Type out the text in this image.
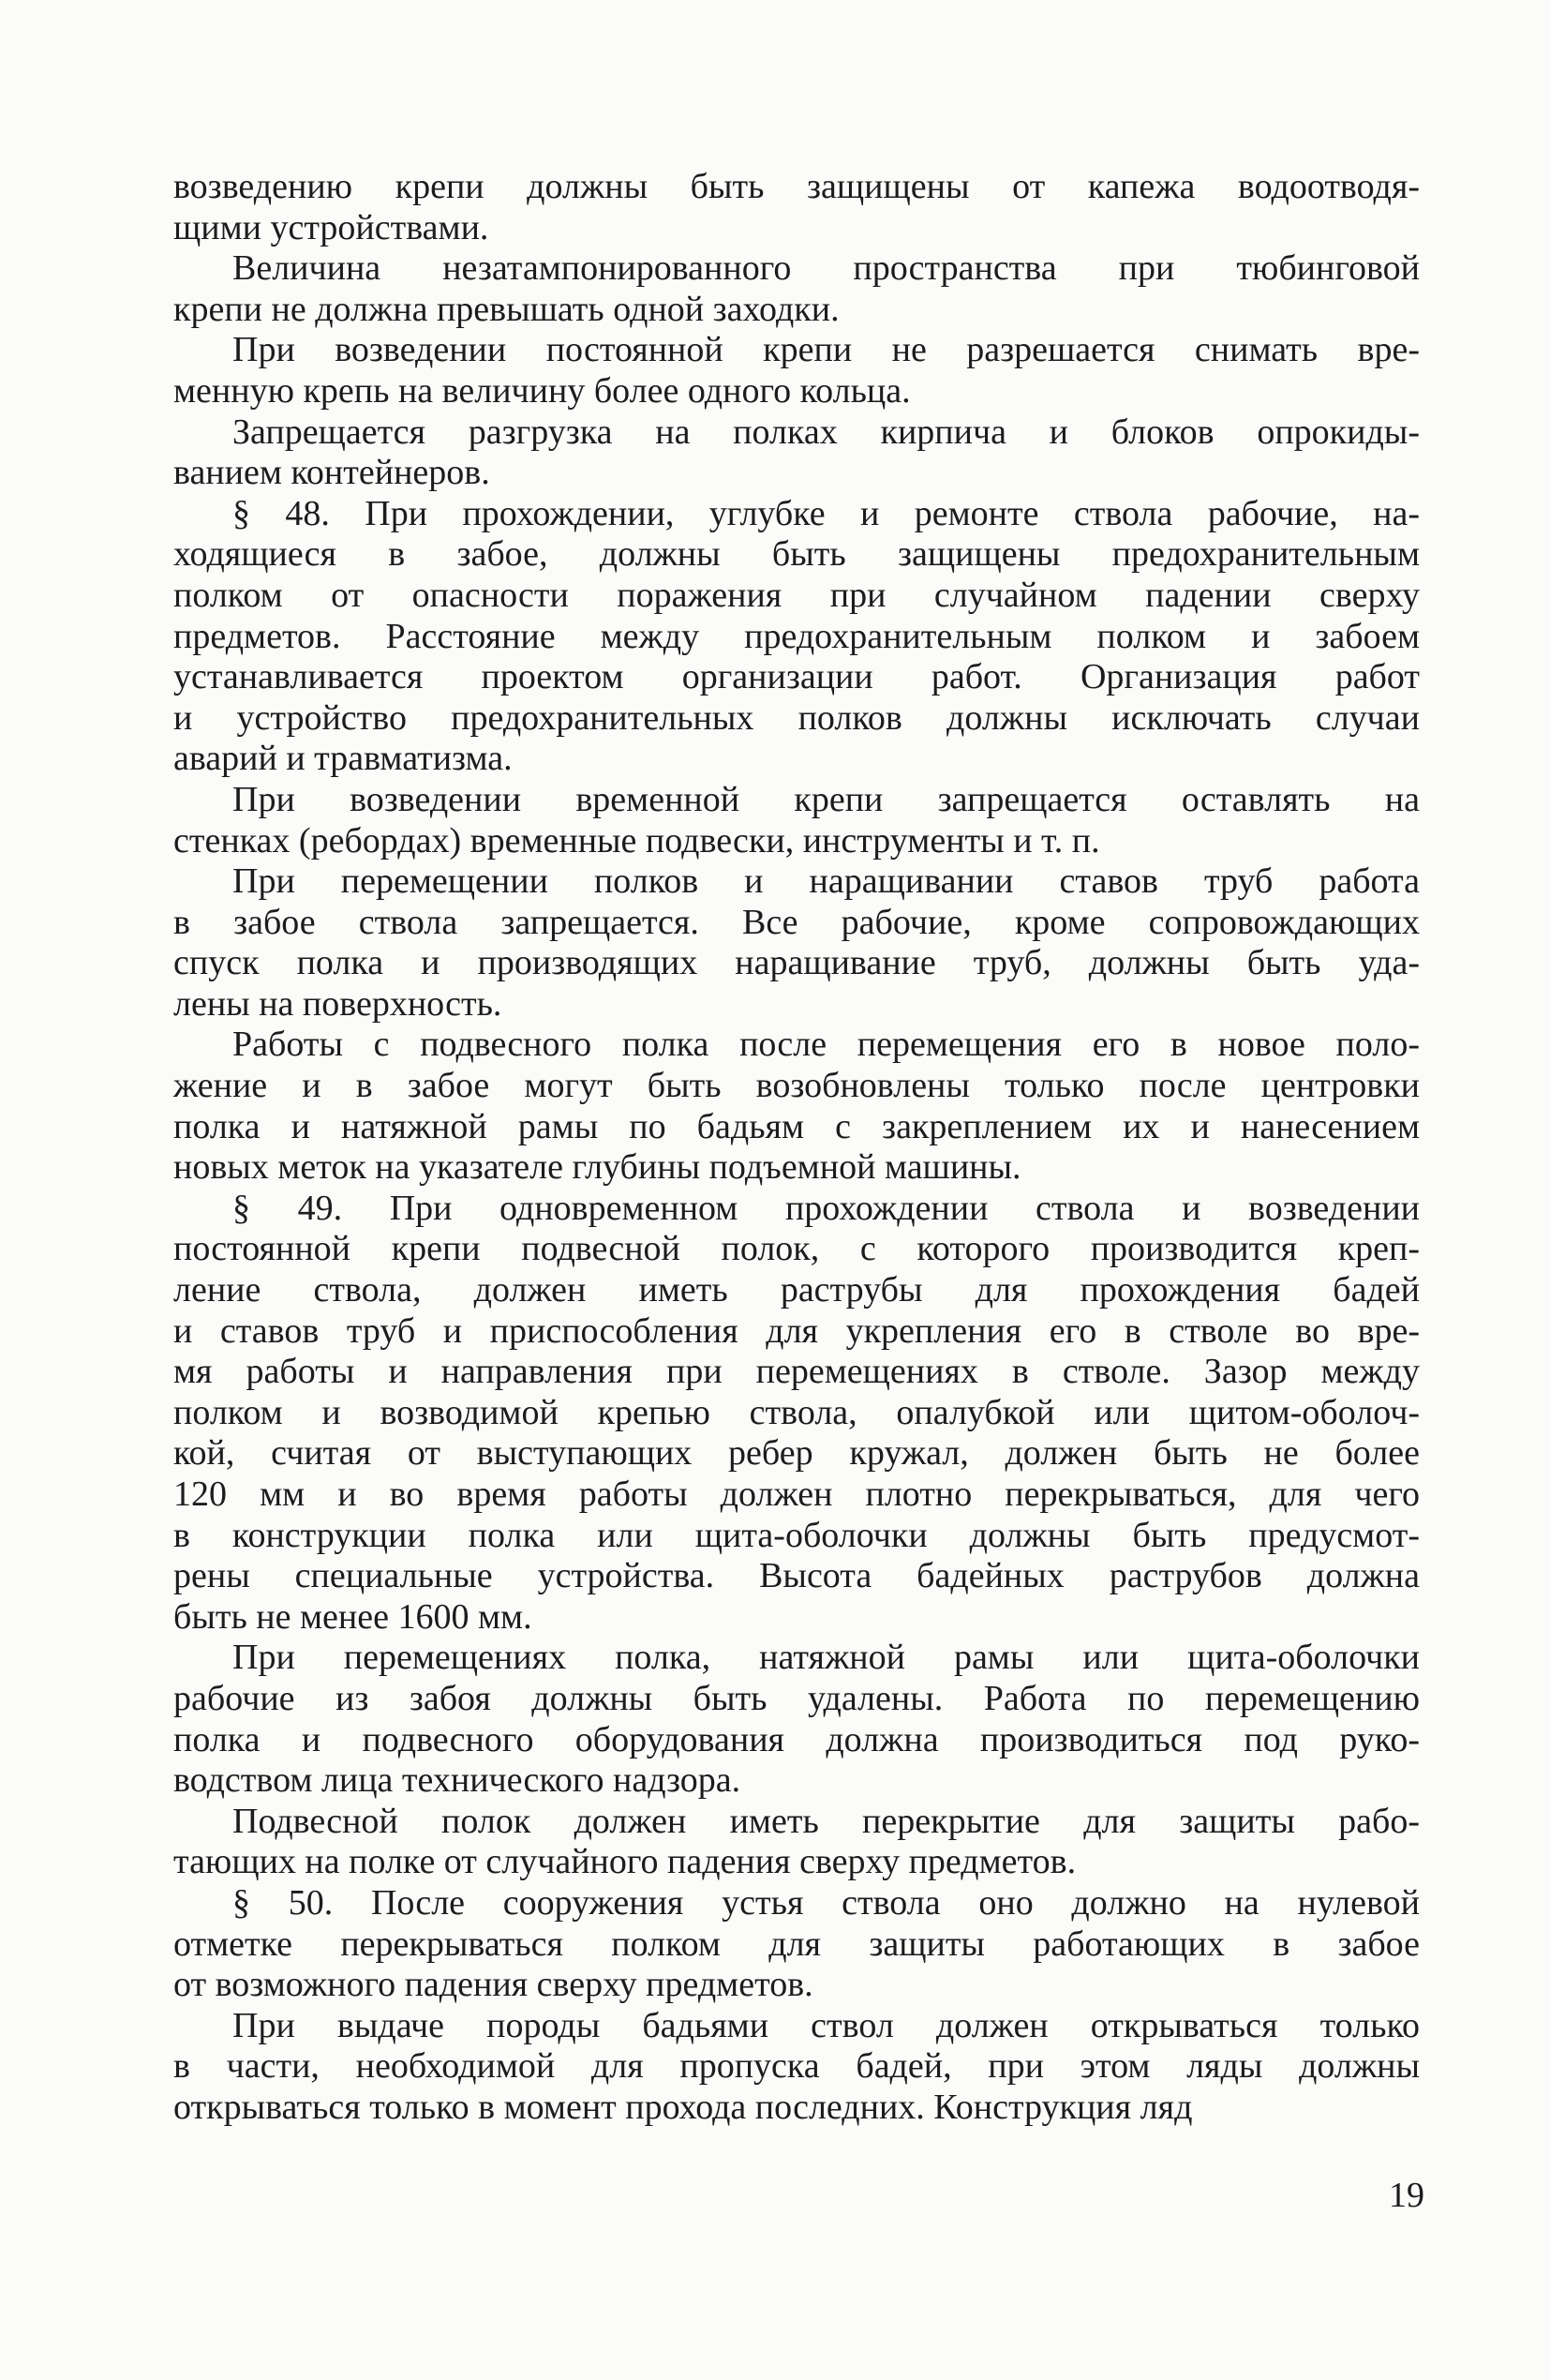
возведению крепи должны быть защищены от капежа водоотводя-
щими устройствами.
Величина незатампонированного пространства при тюбинговой
крепи не должна превышать одной заходки.
При возведении постоянной крепи не разрешается снимать вре-
менную крепь на величину более одного кольца.
Запрещается разгрузка на полках кирпича и блоков опрокиды-
ванием контейнеров.
§ 48. При прохождении, углубке и ремонте ствола рабочие, на-
ходящиеся в забое, должны быть защищены предохранительным
полком от опасности поражения при случайном падении сверху
предметов. Расстояние между предохранительным полком и забоем
устанавливается проектом организации работ. Организация работ
и устройство предохранительных полков должны исключать случаи
аварий и травматизма.
При возведении временной крепи запрещается оставлять на
стенках (ребордах) временные подвески, инструменты и т. п.
При перемещении полков и наращивании ставов труб работа
в забое ствола запрещается. Все рабочие, кроме сопровождающих
спуск полка и производящих наращивание труб, должны быть уда-
лены на поверхность.
Работы с подвесного полка после перемещения его в новое поло-
жение и в забое могут быть возобновлены только после центровки
полка и натяжной рамы по бадьям с закреплением их и нанесением
новых меток на указателе глубины подъемной машины.
§ 49. При одновременном прохождении ствола и возведении
постоянной крепи подвесной полок, с которого производится креп-
ление ствола, должен иметь раструбы для прохождения бадей
и ставов труб и приспособления для укрепления его в стволе во вре-
мя работы и направления при перемещениях в стволе. Зазор между
полком и возводимой крепью ствола, опалубкой или щитом-оболоч-
кой, считая от выступающих ребер кружал, должен быть не более
120 мм и во время работы должен плотно перекрываться, для чего
в конструкции полка или щита-оболочки должны быть предусмот-
рены специальные устройства. Высота бадейных раструбов должна
быть не менее 1600 мм.
При перемещениях полка, натяжной рамы или щита-оболочки
рабочие из забоя должны быть удалены. Работа по перемещению
полка и подвесного оборудования должна производиться под руко-
водством лица технического надзора.
Подвесной полок должен иметь перекрытие для защиты рабо-
тающих на полке от случайного падения сверху предметов.
§ 50. После сооружения устья ствола оно должно на нулевой
отметке перекрываться полком для защиты работающих в забое
от возможного падения сверху предметов.
При выдаче породы бадьями ствол должен открываться только
в части, необходимой для пропуска бадей, при этом ляды должны
открываться только в момент прохода последних. Конструкция ляд
19
